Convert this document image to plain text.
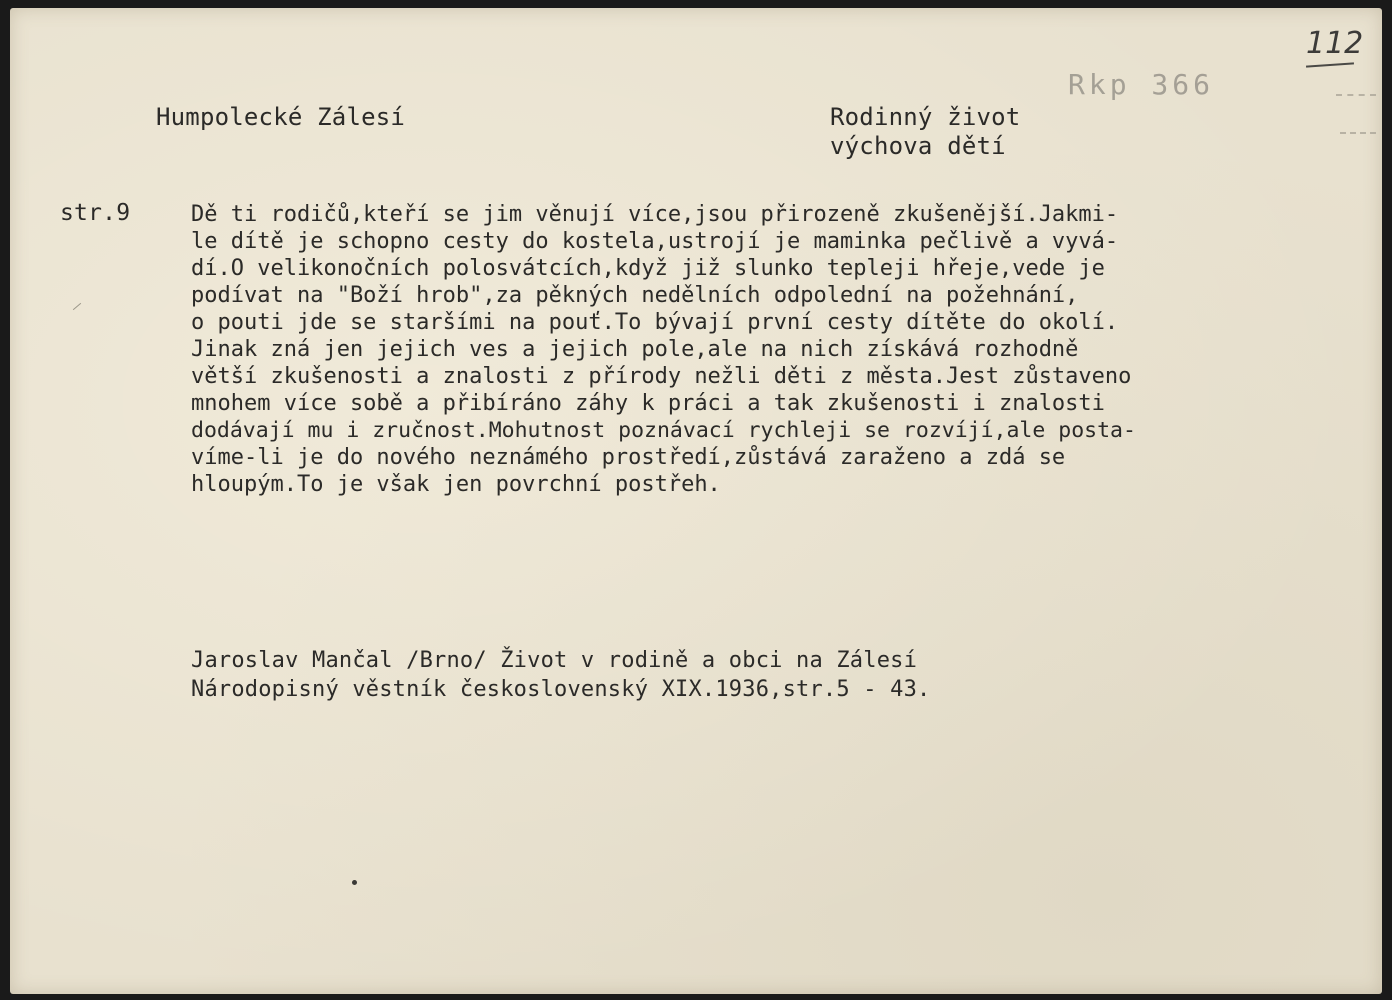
112
Rkp 366
Humpolecké Zálesí	Rodinný život
výchova dětí
str.9	Dě ti rodičů,kteří se jim věnují více,jsou přirozeně zkušenější.Jakmi-
le dítě je schopno cesty do kostela,ustrojí je maminka pečlivě a vyvá-
dí.O velikonočních polosvátcích,když již slunko tepleji hřeje,vede je
podívat na "Boží hrob",za pěkných nedělních odpolední na požehnání,
o pouti jde se staršími na pouť.To bývají první cesty dítěte do okolí.
Jinak zná jen jejich ves a jejich pole,ale na nich získává rozhodně
větší zkušenosti a znalosti z přírody nežli děti z města.Jest zůstaveno
mnohem více sobě a přibíráno záhy k práci a tak zkušenosti i znalosti
dodávají mu i zručnost.Mohutnost poznávací rychleji se rozvíjí,ale posta-
víme-li je do nového neznámého prostředí,zůstává zaraženo a zdá se
hloupým.To je však jen povrchní postřeh.
Jaroslav Mančal /Brno/ Život v rodině a obci na Zálesí
Národopisný věstník československý XIX.1936,str.5 - 43.
